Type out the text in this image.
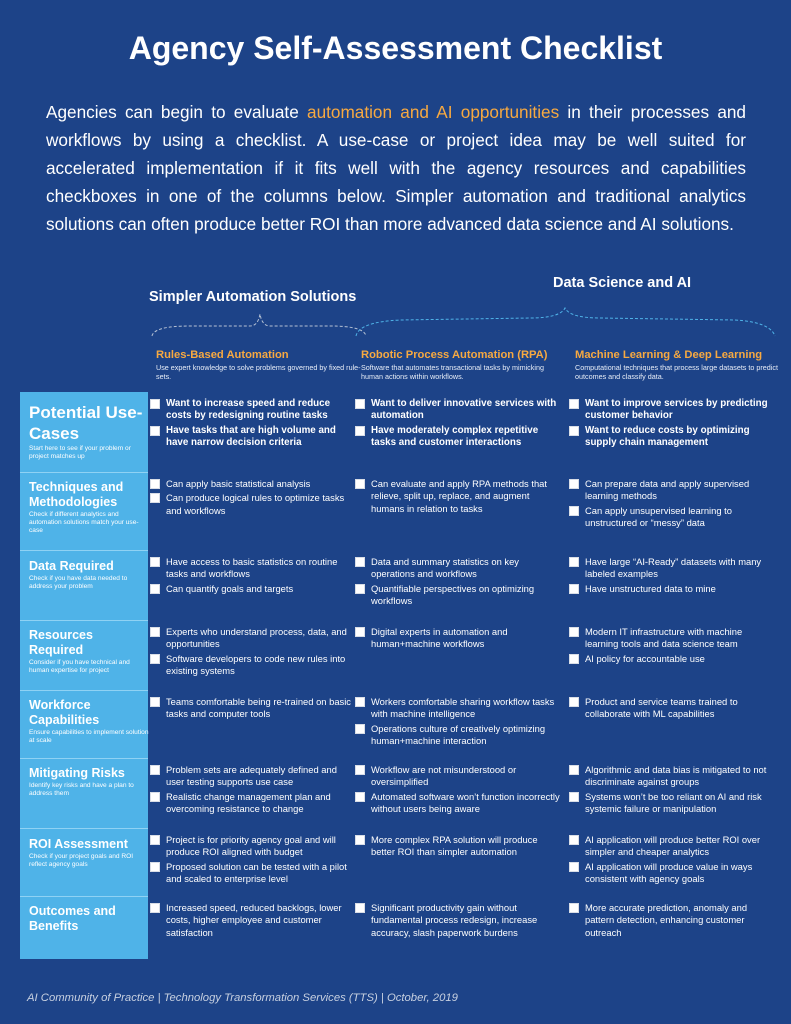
Agency Self-Assessment Checklist
Agencies can begin to evaluate automation and AI opportunities in their processes and workflows by using a checklist. A use-case or project idea may be well suited for accelerated implementation if it fits well with the agency resources and capabilities checkboxes in one of the columns below. Simpler automation and traditional analytics solutions can often produce better ROI than more advanced data science and AI solutions.
Simpler Automation Solutions
Data Science and AI
Rules-Based Automation
Use expert knowledge to solve problems governed by fixed rule-sets.
Robotic Process Automation (RPA)
Software that automates transactional tasks by mimicking human actions within workflows.
Machine Learning & Deep Learning
Computational techniques that process large datasets to predict outcomes and classify data.
Potential Use-Cases
Start here to see if your problem or project matches up
Want to increase speed and reduce costs by redesigning routine tasks
Have tasks that are high volume and have narrow decision criteria
Want to deliver innovative services with automation
Have moderately complex repetitive tasks and customer interactions
Want to improve services by predicting customer behavior
Want to reduce costs by optimizing supply chain management
Techniques and Methodologies
Check if different analytics and automation solutions match your use-case
Can apply basic statistical analysis
Can produce logical rules to optimize tasks and workflows
Can evaluate and apply RPA methods that relieve, split up, replace, and augment humans in relation to tasks
Can prepare data and apply supervised learning methods
Can apply unsupervised learning to unstructured or “messy” data
Data Required
Check if you have data needed to address your problem
Have access to basic statistics on routine tasks and workflows
Can quantify goals and targets
Data and summary statistics on key operations and workflows
Quantifiable perspectives on optimizing workflows
Have large “AI-Ready” datasets with many labeled examples
Have unstructured data to mine
Resources Required
Consider if you have technical and human expertise for project
Experts who understand process, data, and opportunities
Software developers to code new rules into existing systems
Digital experts in automation and human+machine workflows
Modern IT infrastructure with machine learning tools and data science team
AI policy for accountable use
Workforce Capabilities
Ensure capabilities to implement solution at scale
Teams comfortable being re-trained on basic tasks and computer tools
Workers comfortable sharing workflow tasks with machine intelligence
Operations culture of creatively optimizing human+machine interaction
Product and service teams trained to collaborate with ML capabilities
Mitigating Risks
Identify key risks and have a plan to address them
Problem sets are adequately defined and user testing supports use case
Realistic change management plan and overcoming resistance to change
Workflow are not misunderstood or oversimplified
Automated software won’t function incorrectly without users being aware
Algorithmic and data bias is mitigated to not discriminate against groups
Systems won’t be too reliant on AI and risk systemic failure or manipulation
ROI Assessment
Check if your project goals and ROI reflect agency goals
Project is for priority agency goal and will produce ROI aligned with budget
Proposed solution can be tested with a pilot and scaled to enterprise level
More complex RPA solution will produce better ROI than simpler automation
AI application will produce better ROI over simpler and cheaper analytics
AI application will produce value in ways consistent with agency goals
Outcomes and Benefits
Increased speed, reduced backlogs, lower costs, higher employee and customer satisfaction
Significant productivity gain without fundamental process redesign, increase accuracy, slash paperwork burdens
More accurate prediction, anomaly and pattern detection, enhancing customer outreach
AI Community of Practice | Technology Transformation Services (TTS) | October, 2019
